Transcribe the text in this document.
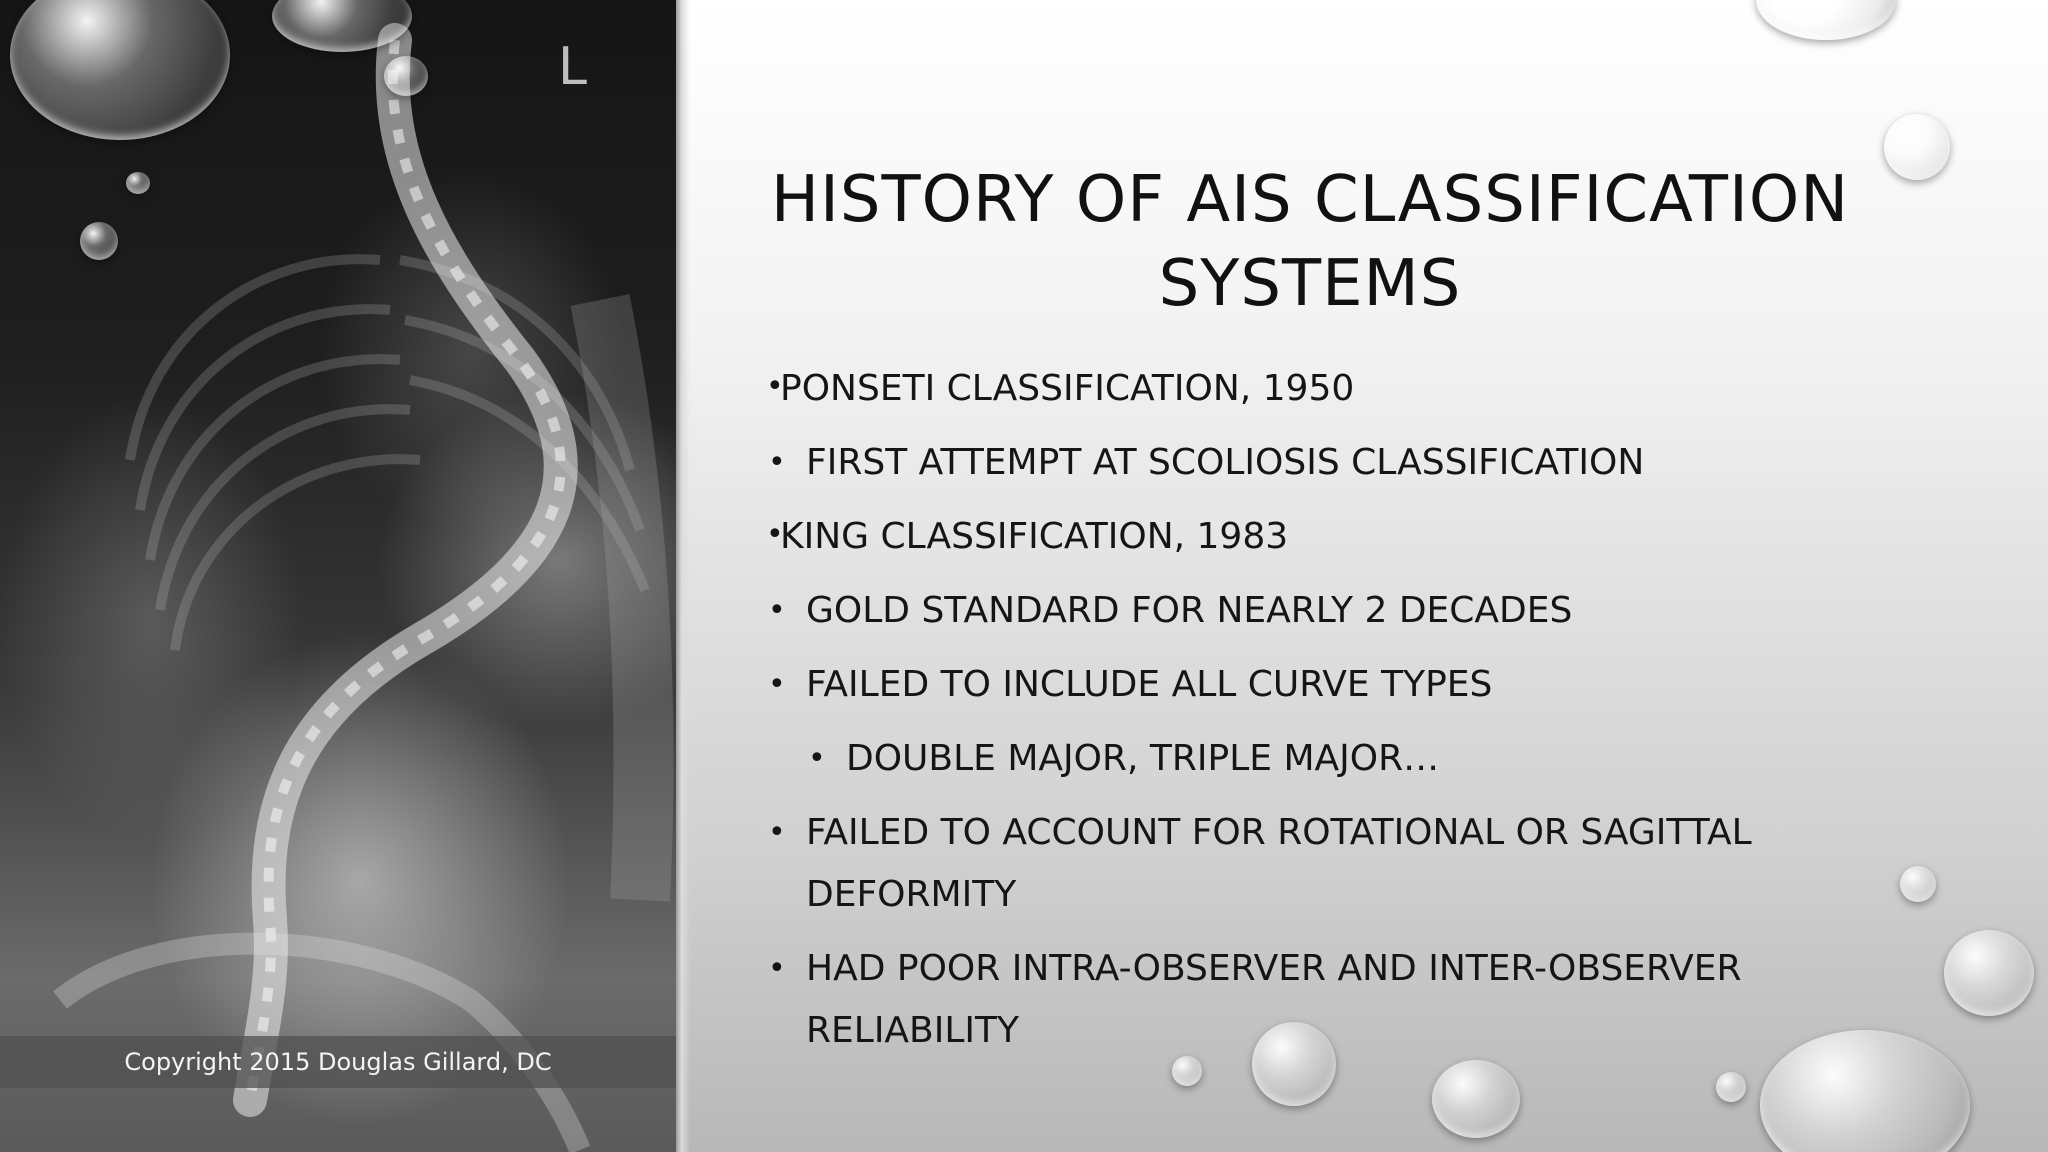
L
Copyright 2015 Douglas Gillard, DC
HISTORY OF AIS CLASSIFICATION
SYSTEMS
•
PONSETI CLASSIFICATION, 1950
• FIRST ATTEMPT AT SCOLIOSIS CLASSIFICATION
•
KING CLASSIFICATION, 1983
• GOLD STANDARD FOR NEARLY 2 DECADES
• FAILED TO INCLUDE ALL CURVE TYPES
• DOUBLE MAJOR, TRIPLE MAJOR…
• FAILED TO ACCOUNT FOR ROTATIONAL OR SAGITTAL
DEFORMITY
• HAD POOR INTRA-OBSERVER AND INTER-OBSERVER
RELIABILITY
